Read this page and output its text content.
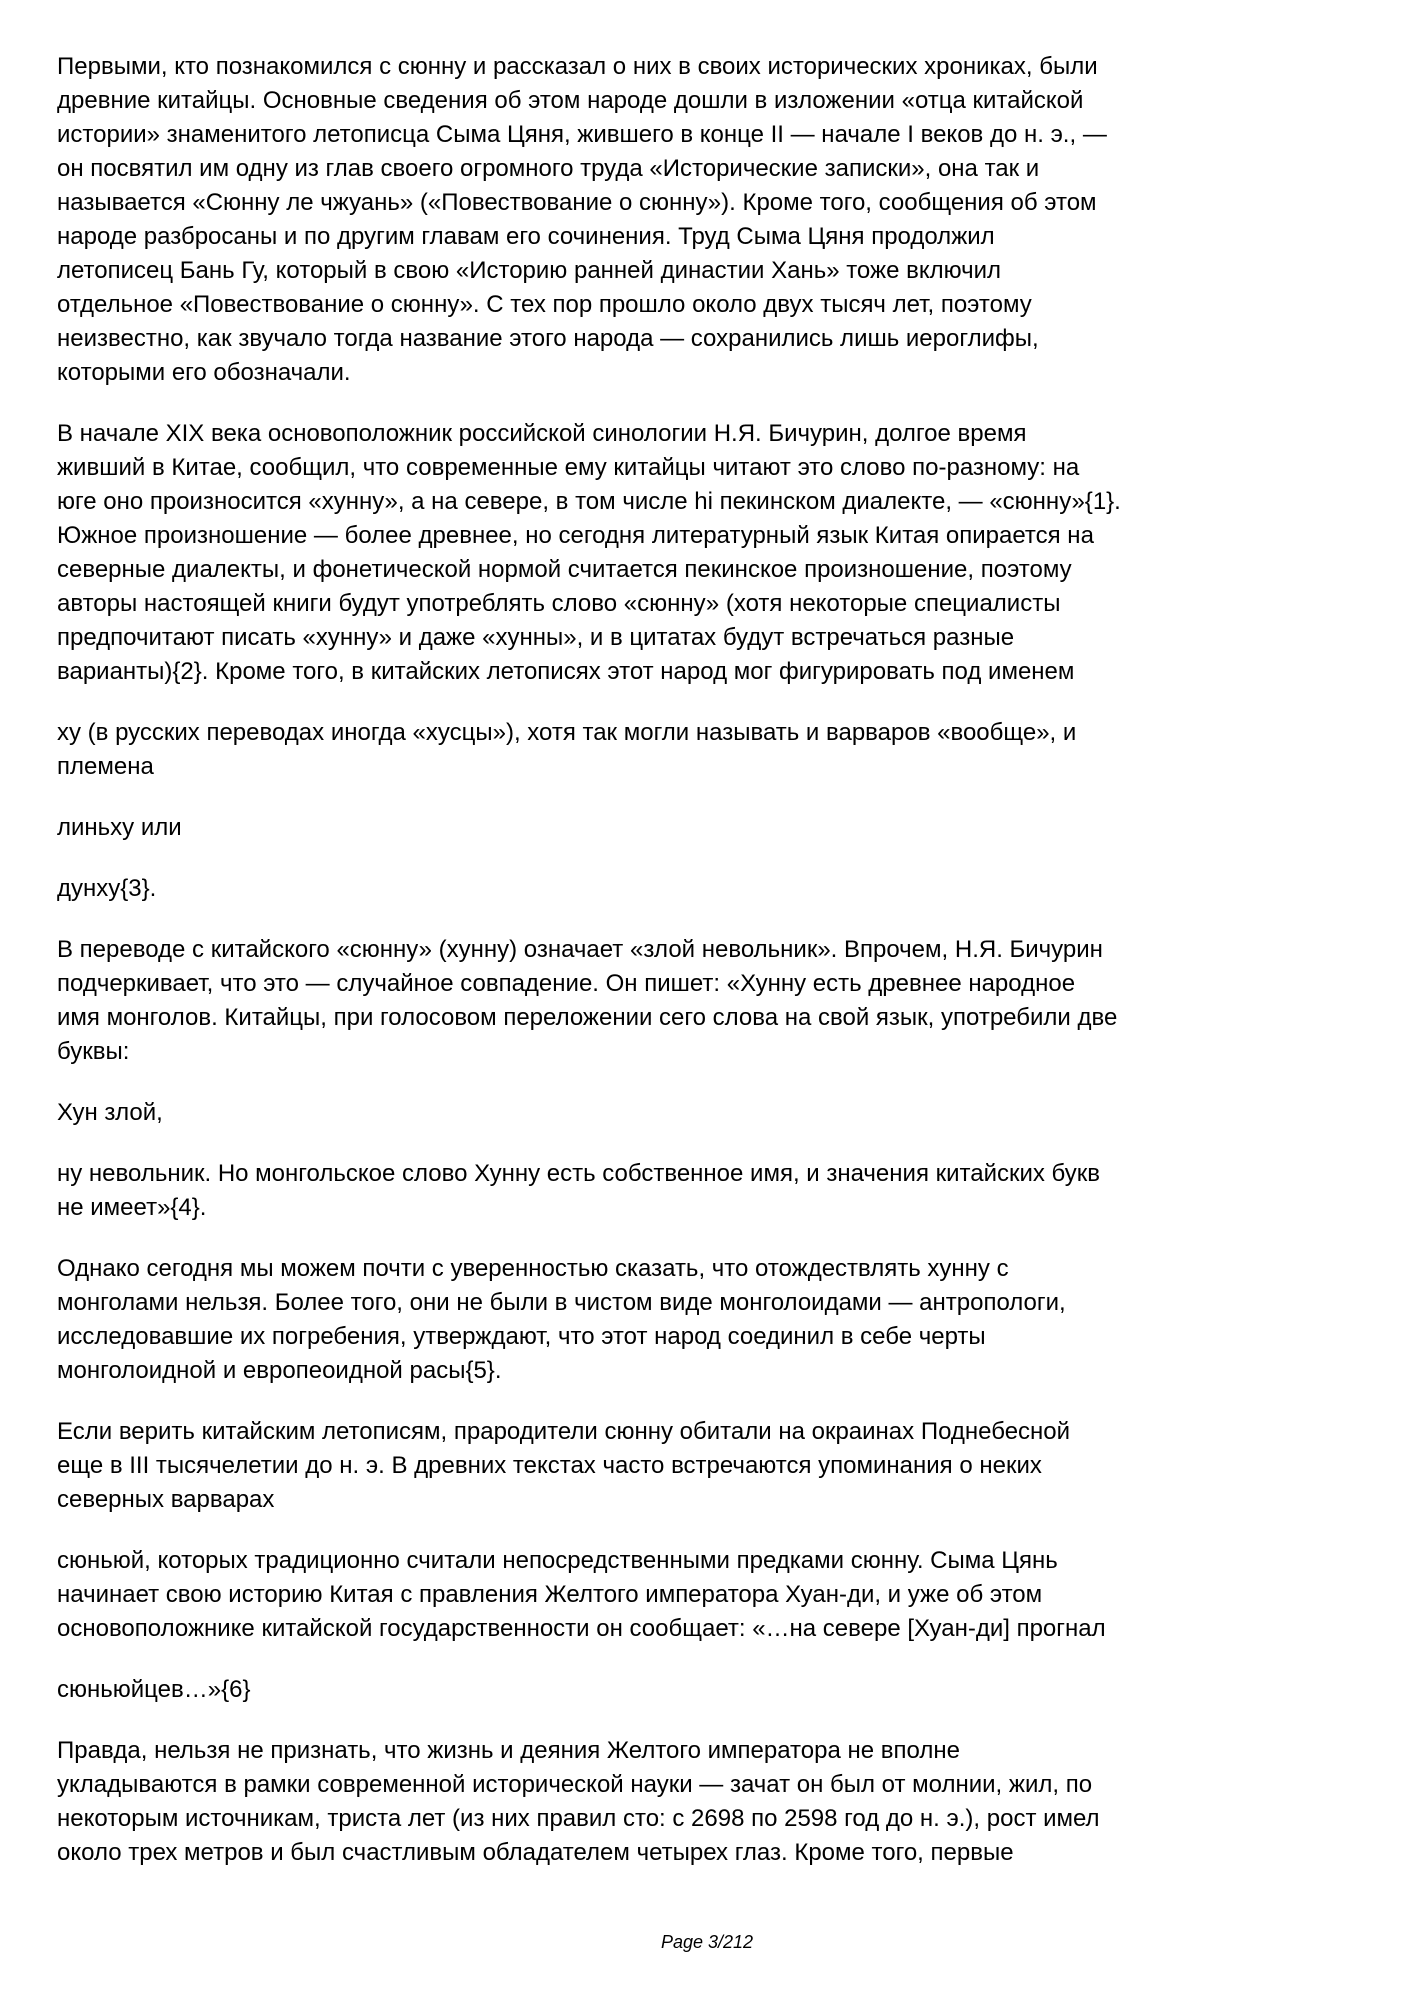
Первыми, кто познакомился с сюнну и рассказал о них в своих исторических хрониках, были
древние китайцы. Основные сведения об этом народе дошли в изложении «отца китайской
истории» знаменитого летописца Сыма Цяня, жившего в конце II — начале I веков до н. э., —
он посвятил им одну из глав своего огромного труда «Исторические записки», она так и
называется «Сюнну ле чжуань» («Повествование о сюнну»). Кроме того, сообщения об этом
народе разбросаны и по другим главам его сочинения. Труд Сыма Цяня продолжил
летописец Бань Гу, который в свою «Историю ранней династии Хань» тоже включил
отдельное «Повествование о сюнну». С тех пор прошло около двух тысяч лет, поэтому
неизвестно, как звучало тогда название этого народа — сохранились лишь иероглифы,
которыми его обозначали.
В начале XIX века основоположник российской синологии Н.Я. Бичурин, долгое время
живший в Китае, сообщил, что современные ему китайцы читают это слово по-разному: на
юге оно произносится «хунну», а на севере, в том числе hi пекинском диалекте, — «сюнну»{1}.
Южное произношение — более древнее, но сегодня литературный язык Китая опирается на
северные диалекты, и фонетической нормой считается пекинское произношение, поэтому
авторы настоящей книги будут употреблять слово «сюнну» (хотя некоторые специалисты
предпочитают писать «хунну» и даже «хунны», и в цитатах будут встречаться разные
варианты){2}. Кроме того, в китайских летописях этот народ мог фигурировать под именем
ху (в русских переводах иногда «хусцы»), хотя так могли называть и варваров «вообще», и
племена
линьху или
дунху{3}.
В переводе с китайского «сюнну» (хунну) означает «злой невольник». Впрочем, Н.Я. Бичурин
подчеркивает, что это — случайное совпадение. Он пишет: «Хунну есть древнее народное
имя монголов. Китайцы, при голосовом переложении сего слова на свой язык, употребили две
буквы:
Хун злой,
ну невольник. Но монгольское слово Хунну есть собственное имя, и значения китайских букв
не имеет»{4}.
Однако сегодня мы можем почти с уверенностью сказать, что отождествлять хунну с
монголами нельзя. Более того, они не были в чистом виде монголоидами — антропологи,
исследовавшие их погребения, утверждают, что этот народ соединил в себе черты
монголоидной и европеоидной расы{5}.
Если верить китайским летописям, прародители сюнну обитали на окраинах Поднебесной
еще в III тысячелетии до н. э. В древних текстах часто встречаются упоминания о неких
северных варварах
сюньюй, которых традиционно считали непосредственными предками сюнну. Сыма Цянь
начинает свою историю Китая с правления Желтого императора Хуан-ди, и уже об этом
основоположнике китайской государственности он сообщает: «…на севере [Хуан-ди] прогнал
сюньюйцев…»{6}
Правда, нельзя не признать, что жизнь и деяния Желтого императора не вполне
укладываются в рамки современной исторической науки — зачат он был от молнии, жил, по
некоторым источникам, триста лет (из них правил сто: с 2698 по 2598 год до н. э.), рост имел
около трех метров и был счастливым обладателем четырех глаз. Кроме того, первые
Page 3/212
